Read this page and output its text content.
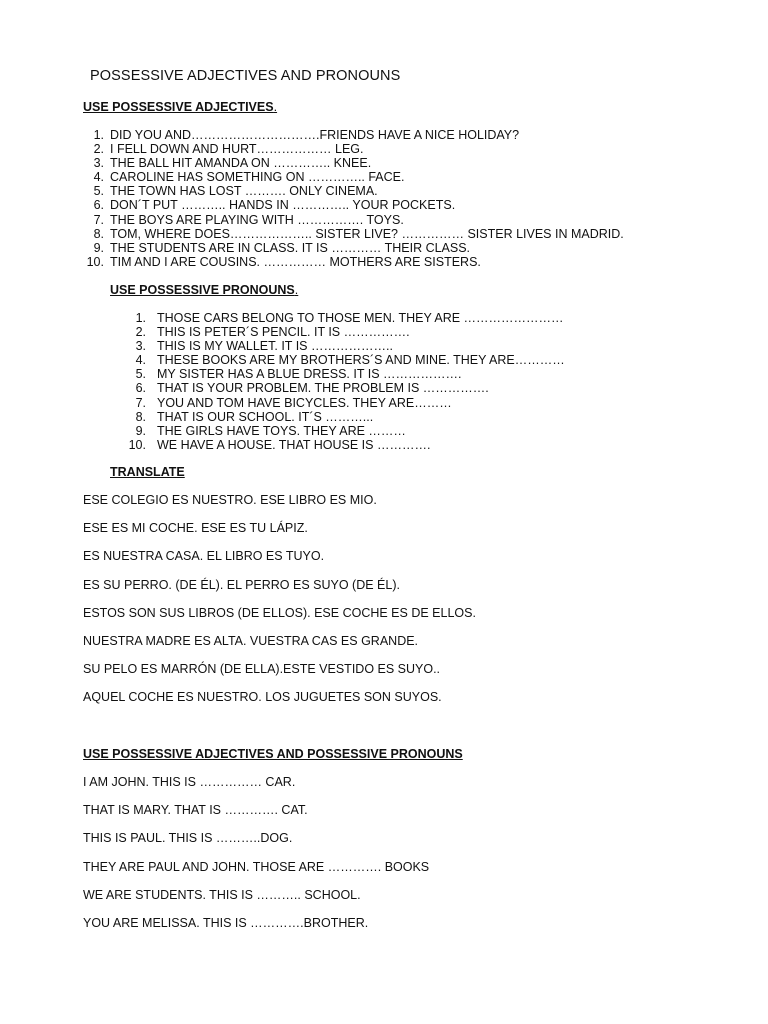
POSSESSIVE ADJECTIVES AND PRONOUNS
USE POSSESSIVE ADJECTIVES.
1. DID YOU AND………………………….FRIENDS HAVE A NICE HOLIDAY?
2. I FELL DOWN AND HURT……………… LEG.
3. THE BALL HIT AMANDA ON ………….. KNEE.
4. CAROLINE HAS SOMETHING ON ………….. FACE.
5. THE TOWN HAS LOST ………. ONLY CINEMA.
6. DON´T PUT ……….. HANDS IN ………….. YOUR POCKETS.
7. THE BOYS ARE PLAYING WITH ……………. TOYS.
8. TOM, WHERE DOES……………….. SISTER LIVE? …………… SISTER LIVES IN MADRID.
9. THE STUDENTS ARE IN CLASS. IT IS ………… THEIR CLASS.
10. TIM AND I ARE COUSINS. …………… MOTHERS ARE SISTERS.
USE POSSESSIVE PRONOUNS.
1. THOSE CARS BELONG TO THOSE MEN. THEY ARE ……………………
2. THIS IS PETER´S PENCIL. IT IS …………….
3. THIS IS MY WALLET. IT IS ………………..
4. THESE BOOKS ARE MY BROTHERS´S AND MINE. THEY ARE…………
5. MY SISTER HAS A BLUE DRESS. IT IS ……………….
6. THAT IS YOUR PROBLEM. THE PROBLEM IS …………….
7. YOU AND TOM HAVE BICYCLES. THEY ARE………
8. THAT IS OUR SCHOOL. IT´S ………...
9. THE GIRLS HAVE TOYS. THEY ARE ………
10. WE HAVE A HOUSE. THAT HOUSE IS ………….
TRANSLATE
ESE COLEGIO ES NUESTRO. ESE LIBRO ES MIO.
ESE ES MI COCHE. ESE ES TU LÁPIZ.
ES NUESTRA CASA. EL LIBRO ES TUYO.
ES SU PERRO. (DE ÉL). EL PERRO ES SUYO (DE ÉL).
ESTOS SON SUS LIBROS (DE ELLOS). ESE COCHE ES DE ELLOS.
NUESTRA MADRE ES ALTA. VUESTRA CAS ES GRANDE.
SU PELO ES MARRÓN (DE ELLA).ESTE VESTIDO ES SUYO..
AQUEL COCHE ES NUESTRO. LOS JUGUETES SON SUYOS.
USE POSSESSIVE ADJECTIVES AND POSSESSIVE PRONOUNS
I AM JOHN. THIS IS …………… CAR.
THAT IS MARY. THAT IS …………. CAT.
THIS IS PAUL. THIS IS ………..DOG.
THEY ARE PAUL AND JOHN. THOSE ARE …………. BOOKS
WE ARE STUDENTS. THIS IS ……….. SCHOOL.
YOU ARE MELISSA. THIS IS ………….BROTHER.
